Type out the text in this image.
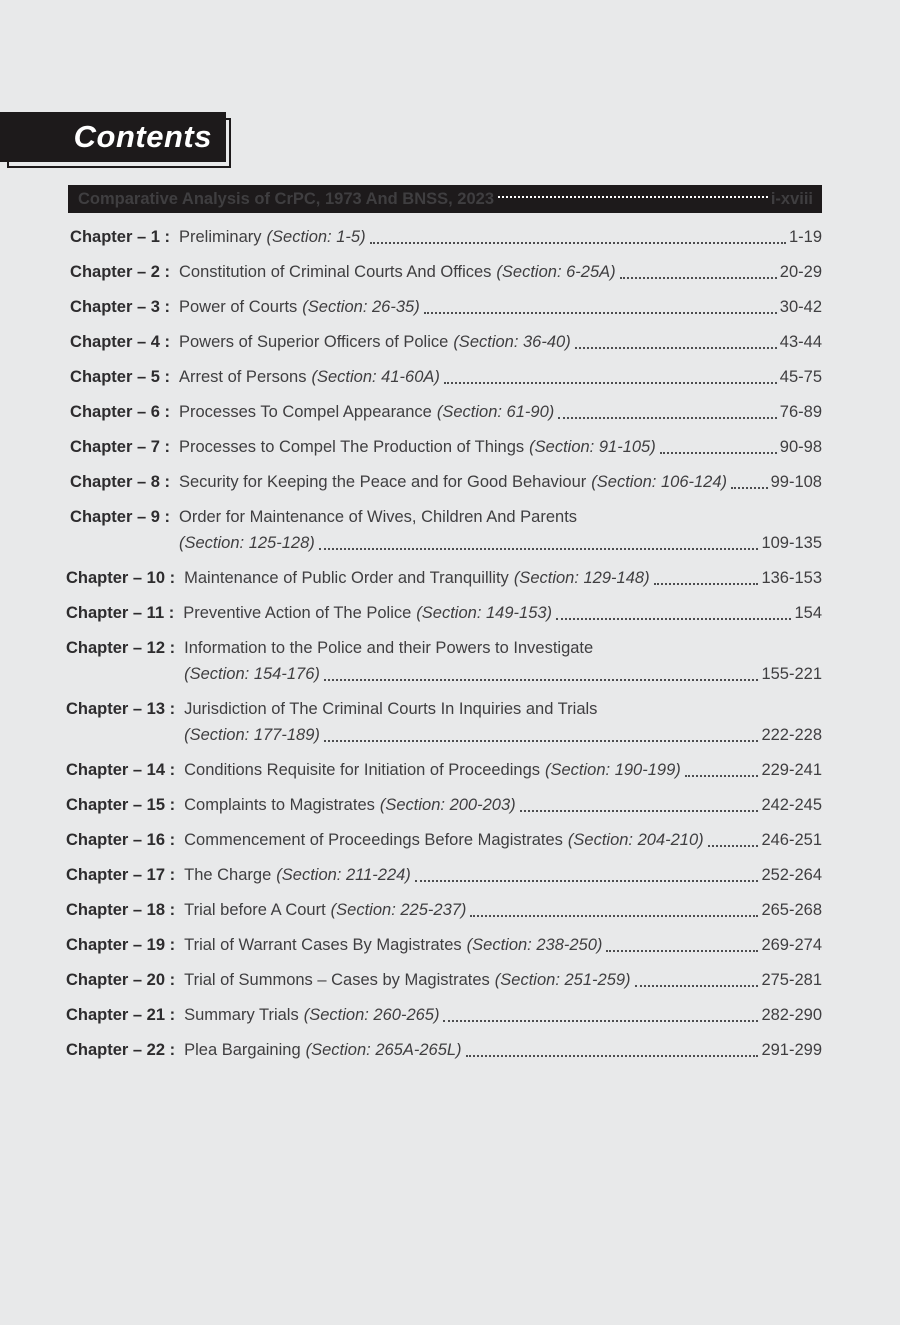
Contents
Comparative Analysis of CrPC, 1973 And BNSS, 2023	i-xviii
Chapter – 1 : Preliminary (Section: 1-5)	1-19
Chapter – 2 : Constitution of Criminal Courts And Offices (Section: 6-25A)	20-29
Chapter – 3 : Power of Courts (Section: 26-35)	30-42
Chapter – 4 : Powers of Superior Officers of Police (Section: 36-40)	43-44
Chapter – 5 : Arrest of Persons (Section: 41-60A)	45-75
Chapter – 6 : Processes To Compel Appearance (Section: 61-90)	76-89
Chapter – 7 : Processes to Compel The Production of Things (Section: 91-105)	90-98
Chapter – 8 : Security for Keeping the Peace and for Good Behaviour (Section: 106-124)	99-108
Chapter – 9 : Order for Maintenance of Wives, Children And Parents
(Section: 125-128)	109-135
Chapter – 10 : Maintenance of Public Order and Tranquillity (Section: 129-148)	136-153
Chapter – 11 : Preventive Action of The Police (Section: 149-153)	154
Chapter – 12 : Information to the Police and their Powers to Investigate
(Section: 154-176)	155-221
Chapter – 13 : Jurisdiction of The Criminal Courts In Inquiries and Trials
(Section: 177-189)	222-228
Chapter – 14 : Conditions Requisite for Initiation of Proceedings (Section: 190-199)	229-241
Chapter – 15 : Complaints to Magistrates (Section: 200-203)	242-245
Chapter – 16 : Commencement of Proceedings Before Magistrates (Section: 204-210)	246-251
Chapter – 17 : The Charge (Section: 211-224)	252-264
Chapter – 18 : Trial before A Court (Section: 225-237)	265-268
Chapter – 19 : Trial of Warrant Cases By Magistrates (Section: 238-250)	269-274
Chapter – 20 : Trial of Summons – Cases by Magistrates (Section: 251-259)	275-281
Chapter – 21 : Summary Trials (Section: 260-265)	282-290
Chapter – 22 : Plea Bargaining (Section: 265A-265L)	291-299
